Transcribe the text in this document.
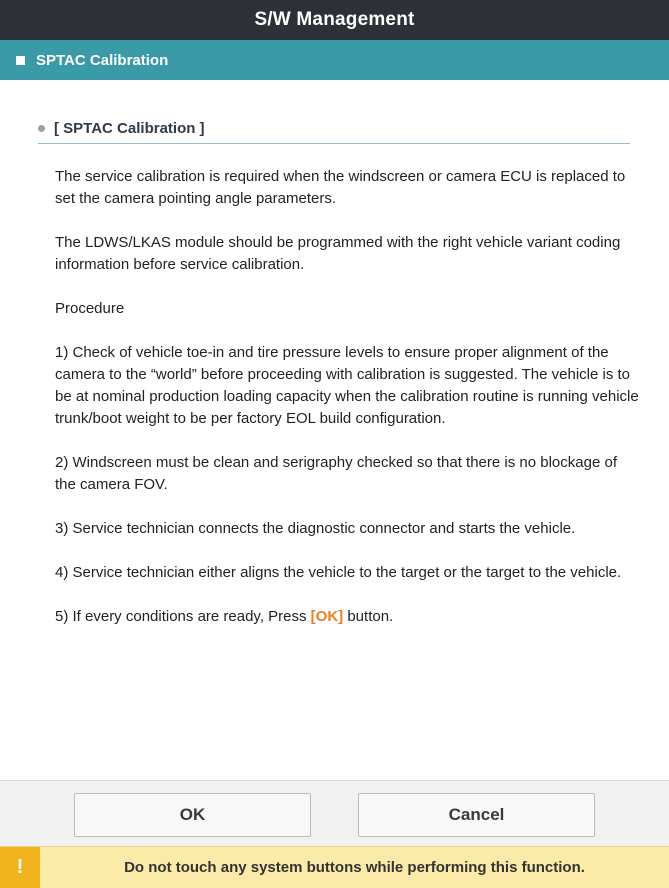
S/W Management
SPTAC Calibration
[ SPTAC Calibration ]

The service calibration is required when the windscreen or camera ECU is replaced to set the camera pointing angle parameters.

The LDWS/LKAS module should be programmed with the right vehicle variant coding information before service calibration.

Procedure

1) Check of vehicle toe-in and tire pressure levels to ensure proper alignment of the camera to the “world” before proceeding with calibration is suggested. The vehicle is to be at nominal production loading capacity when the calibration routine is running vehicle trunk/boot weight to be per factory EOL build configuration.

2) Windscreen must be clean and serigraphy checked so that there is no blockage of the camera FOV.

3) Service technician connects the diagnostic connector and starts the vehicle.

4) Service technician either aligns the vehicle to the target or the target to the vehicle.

5) If every conditions are ready, Press [OK] button.

OK	Cancel
!	Do not touch any system buttons while performing this function.
